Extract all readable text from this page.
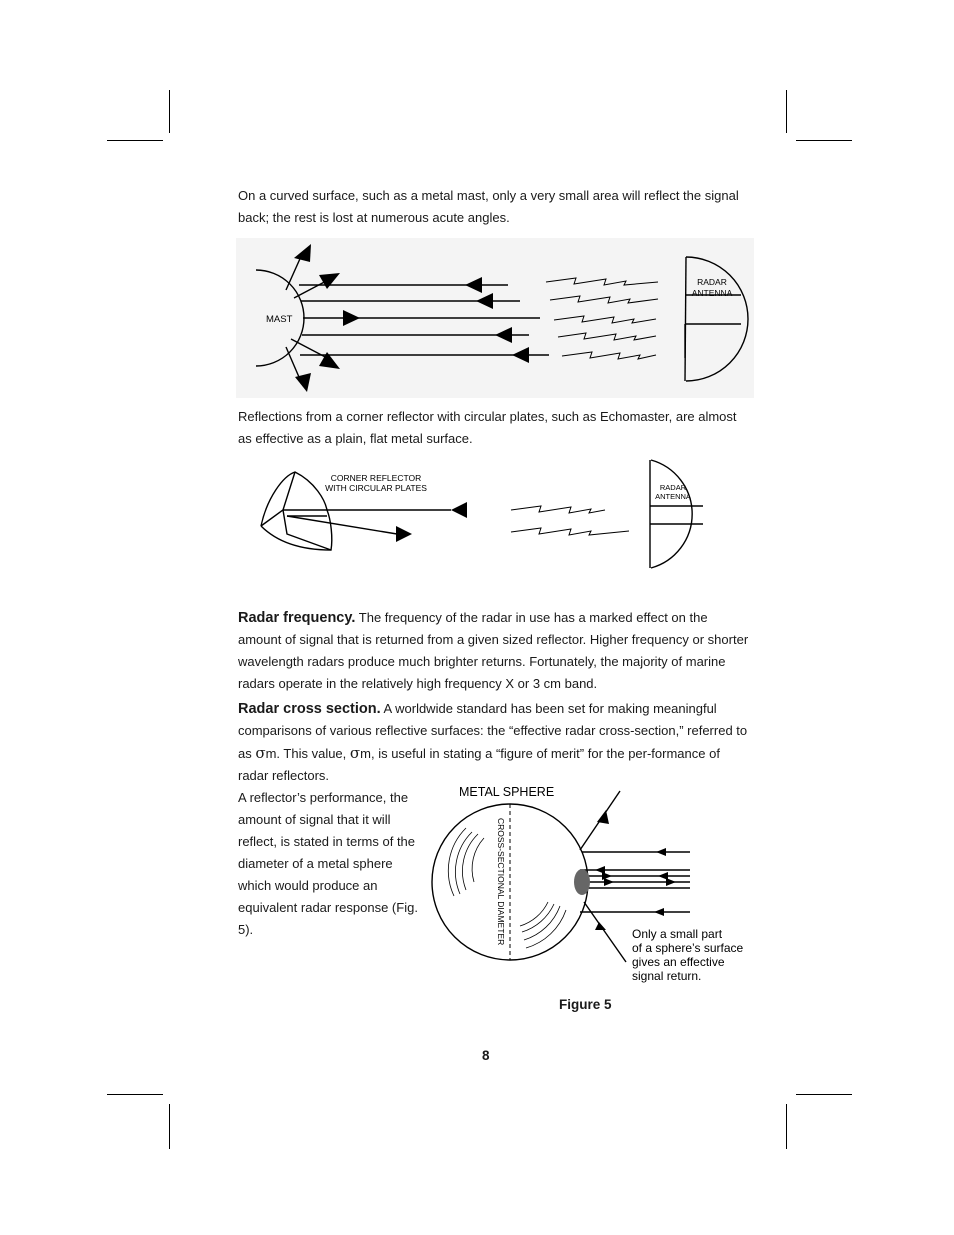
On a curved surface, such as a metal mast, only a very small area will reflect the signal back; the rest is lost at numerous acute angles.

MAST
RADAR
ANTENNA

Reflections from a corner reflector with circular plates, such as Echomaster, are almost as effective as a plain, flat metal surface.

CORNER REFLECTOR
WITH CIRCULAR PLATES	RADAR
ANTENNA

Radar frequency. The frequency of the radar in use has a marked effect on the amount of signal that is returned from a given sized reflector. Higher frequency or shorter wavelength radars produce much brighter returns. Fortunately, the majority of marine radars operate in the relatively high frequency X or 3 cm band.

Radar cross section. A worldwide standard has been set for making meaningful comparisons of various reflective surfaces: the “effective radar cross-section,” referred to as σm. This value, σm, is useful in stating a “figure of merit” for the per-formance of radar reflectors.

A reflector’s performance, the amount of signal that it will reflect, is stated in terms of the diameter of a metal sphere which would produce an equivalent radar response (Fig. 5).

METAL SPHERE
CROSS-SECTIONAL DIAMETER	Only a small part
of a sphere’s surface
gives an effective
signal return.

Figure 5

8
